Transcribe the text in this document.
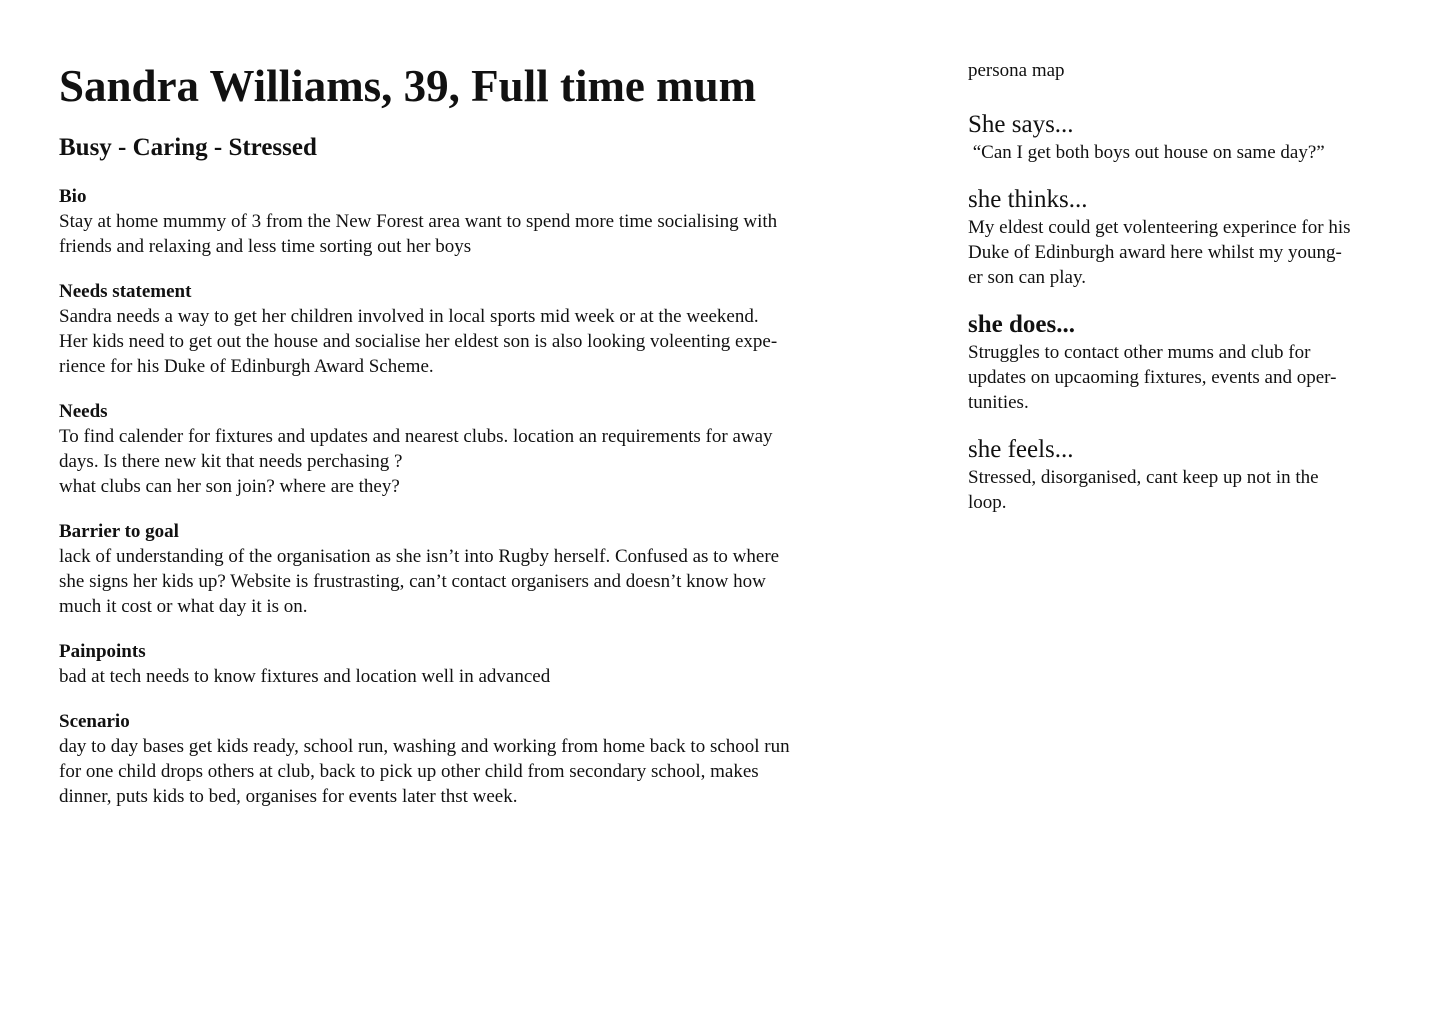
Sandra Williams, 39, Full time mum
Busy - Caring - Stressed

Bio

Stay at home mummy of 3 from the New Forest area want to spend more time socialising with

friends and relaxing and less time sorting out her boys

Needs statement

Sandra needs a way to get her children involved in local sports mid week or at the weekend.

Her kids need to get out the house and socialise her eldest son is also looking voleenting expe-

rience for his Duke of Edinburgh Award Scheme.

Needs

To find calender for fixtures and updates and nearest clubs. location an requirements for away

days. Is there new kit that needs perchasing ?

what clubs can her son join? where are they?

Barrier to goal

lack of understanding of the organisation as she isn’t into Rugby herself. Confused as to where

she signs her kids up? Website is frustrasting, can’t contact organisers and doesn’t know how

much it cost or what day it is on.

Painpoints

bad at tech needs to know fixtures and location well in advanced

Scenario

day to day bases get kids ready, school run, washing and working from home back to school run

for one child drops others at club, back to pick up other child from secondary school, makes

dinner, puts kids to bed, organises for events later thst week.

persona map

She says...

“Can I get both boys out house on same day?”

she thinks...

My eldest could get volenteering experince for his

Duke of Edinburgh award here whilst my young-

er son can play.

she does...

Struggles to contact other mums and club for

updates on upcaoming fixtures, events and oper-

tunities.

she feels...

Stressed, disorganised, cant keep up not in the

loop.
